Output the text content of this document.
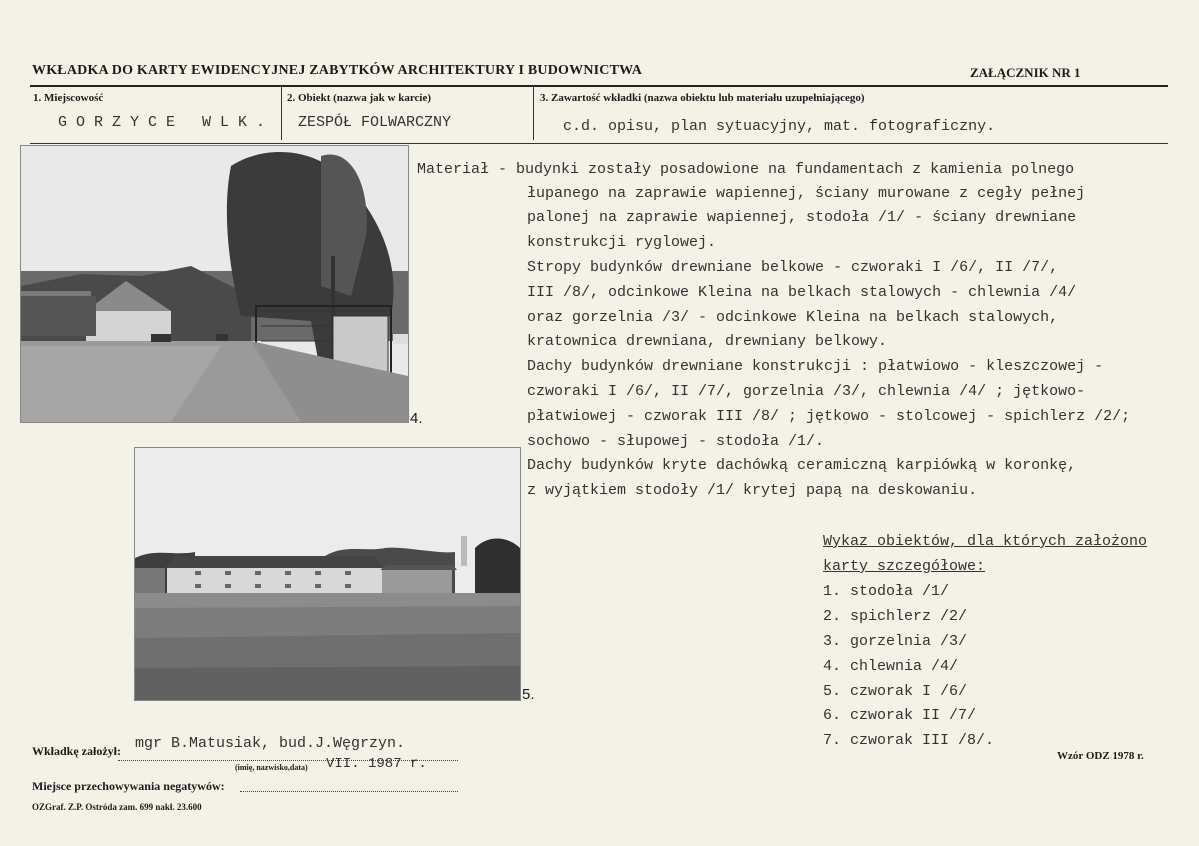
WKŁADKA DO KARTY EWIDENCYJNEJ ZABYTKÓW ARCHITEKTURY I BUDOWNICTWA	ZAŁĄCZNIK NR 1
1. Miejscowość
G O R Z Y C E   W L K .
2. Obiekt (nazwa jak w karcie)
ZESPÓŁ FOLWARCZNY
3. Zawartość wkładki (nazwa obiektu lub materiału uzupełniającego)
c.d. opisu, plan sytuacyjny, mat. fotograficzny.
4.
5.
Materiał - budynki zostały posadowione na fundamentach z kamienia polnego
łupanego na zaprawie wapiennej, ściany murowane z cegły pełnej
palonej na zaprawie wapiennej, stodoła /1/ - ściany drewniane
konstrukcji ryglowej.
Stropy budynków drewniane belkowe - czworaki I /6/, II /7/,
III /8/, odcinkowe Kleina na belkach stalowych - chlewnia /4/
oraz gorzelnia /3/ - odcinkowe Kleina na belkach stalowych,
kratownica drewniana, drewniany belkowy.
Dachy budynków drewniane konstrukcji : płatwiowo - kleszczowej -
czworaki I /6/, II /7/, gorzelnia /3/, chlewnia /4/ ; jętkowo-
płatwiowej - czworak III /8/ ; jętkowo - stolcowej - spichlerz /2/;
sochowo - słupowej - stodoła /1/.
Dachy budynków kryte dachówką ceramiczną karpiówką w koronkę,
z wyjątkiem stodoły /1/ krytej papą na deskowaniu.
Wykaz obiektów, dla których założono
karty szczegółowe:
1. stodoła /1/
2. spichlerz /2/
3. gorzelnia /3/
4. chlewnia /4/
5. czworak I /6/
6. czworak II /7/
7. czworak III /8/.
Wkładkę założył: mgr B.Matusiak, bud.J.Węgrzyn.
(imię, nazwisko,data) VII. 1987 r.
Miejsce przechowywania negatywów:
OZGraf. Z.P. Ostróda zam. 699 nakł. 23.600
Wzór ODZ 1978 r.
